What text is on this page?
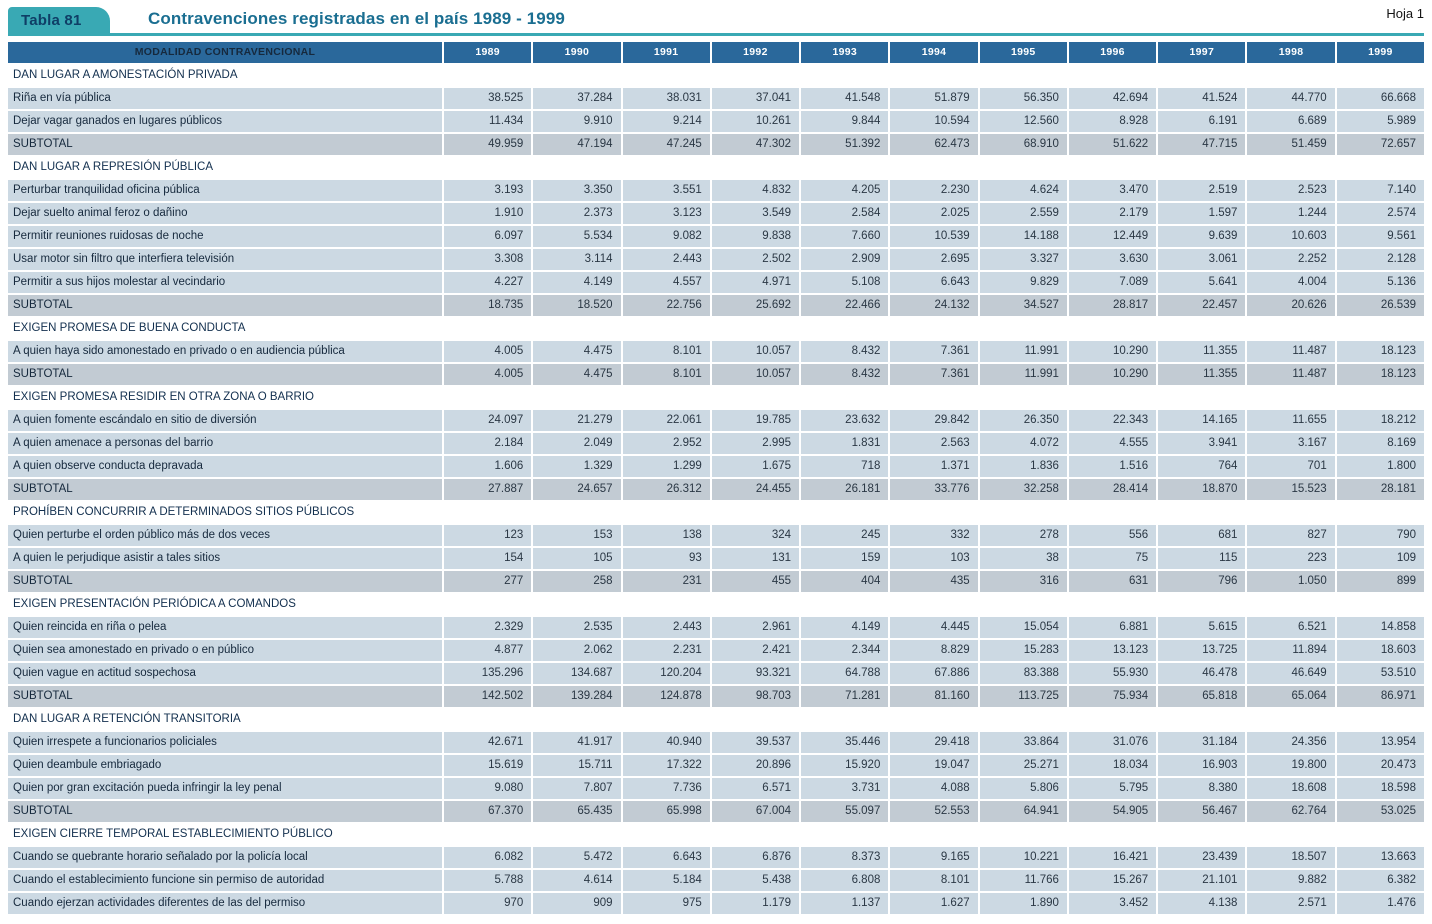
Tabla 81	Contravenciones registradas en el país 1989 - 1999	Hoja 1
MODALIDAD CONTRAVENCIONAL	1989	1990	1991	1992	1993	1994	1995	1996	1997	1998	1999
DAN LUGAR A AMONESTACIÓN PRIVADA
Riña en vía pública	38.525	37.284	38.031	37.041	41.548	51.879	56.350	42.694	41.524	44.770	66.668
Dejar vagar ganados en lugares públicos	11.434	9.910	9.214	10.261	9.844	10.594	12.560	8.928	6.191	6.689	5.989
SUBTOTAL	49.959	47.194	47.245	47.302	51.392	62.473	68.910	51.622	47.715	51.459	72.657
DAN LUGAR A REPRESIÓN PÚBLICA
Perturbar tranquilidad oficina pública	3.193	3.350	3.551	4.832	4.205	2.230	4.624	3.470	2.519	2.523	7.140
Dejar suelto animal feroz o dañino	1.910	2.373	3.123	3.549	2.584	2.025	2.559	2.179	1.597	1.244	2.574
Permitir reuniones ruidosas de noche	6.097	5.534	9.082	9.838	7.660	10.539	14.188	12.449	9.639	10.603	9.561
Usar motor sin filtro que interfiera televisión	3.308	3.114	2.443	2.502	2.909	2.695	3.327	3.630	3.061	2.252	2.128
Permitir a sus hijos molestar al vecindario	4.227	4.149	4.557	4.971	5.108	6.643	9.829	7.089	5.641	4.004	5.136
SUBTOTAL	18.735	18.520	22.756	25.692	22.466	24.132	34.527	28.817	22.457	20.626	26.539
EXIGEN PROMESA DE BUENA CONDUCTA
A quien haya sido amonestado en privado o en audiencia pública	4.005	4.475	8.101	10.057	8.432	7.361	11.991	10.290	11.355	11.487	18.123
SUBTOTAL	4.005	4.475	8.101	10.057	8.432	7.361	11.991	10.290	11.355	11.487	18.123
EXIGEN PROMESA RESIDIR EN OTRA ZONA O BARRIO
A quien fomente escándalo en sitio de diversión	24.097	21.279	22.061	19.785	23.632	29.842	26.350	22.343	14.165	11.655	18.212
A quien amenace a personas del barrio	2.184	2.049	2.952	2.995	1.831	2.563	4.072	4.555	3.941	3.167	8.169
A quien observe conducta depravada	1.606	1.329	1.299	1.675	718	1.371	1.836	1.516	764	701	1.800
SUBTOTAL	27.887	24.657	26.312	24.455	26.181	33.776	32.258	28.414	18.870	15.523	28.181
PROHÍBEN CONCURRIR A DETERMINADOS SITIOS PÚBLICOS
Quien perturbe el orden público más de dos veces	123	153	138	324	245	332	278	556	681	827	790
A quien le perjudique asistir a tales sitios	154	105	93	131	159	103	38	75	115	223	109
SUBTOTAL	277	258	231	455	404	435	316	631	796	1.050	899
EXIGEN PRESENTACIÓN PERIÓDICA A COMANDOS
Quien reincida en riña o pelea	2.329	2.535	2.443	2.961	4.149	4.445	15.054	6.881	5.615	6.521	14.858
Quien sea amonestado en privado o en público	4.877	2.062	2.231	2.421	2.344	8.829	15.283	13.123	13.725	11.894	18.603
Quien vague en actitud sospechosa	135.296	134.687	120.204	93.321	64.788	67.886	83.388	55.930	46.478	46.649	53.510
SUBTOTAL	142.502	139.284	124.878	98.703	71.281	81.160	113.725	75.934	65.818	65.064	86.971
DAN LUGAR A RETENCIÓN TRANSITORIA
Quien irrespete a funcionarios policiales	42.671	41.917	40.940	39.537	35.446	29.418	33.864	31.076	31.184	24.356	13.954
Quien deambule embriagado	15.619	15.711	17.322	20.896	15.920	19.047	25.271	18.034	16.903	19.800	20.473
Quien por gran excitación pueda infringir la ley penal	9.080	7.807	7.736	6.571	3.731	4.088	5.806	5.795	8.380	18.608	18.598
SUBTOTAL	67.370	65.435	65.998	67.004	55.097	52.553	64.941	54.905	56.467	62.764	53.025
EXIGEN CIERRE TEMPORAL ESTABLECIMIENTO PÚBLICO
Cuando se quebrante horario señalado por la policía local	6.082	5.472	6.643	6.876	8.373	9.165	10.221	16.421	23.439	18.507	13.663
Cuando el establecimiento funcione sin permiso de autoridad	5.788	4.614	5.184	5.438	6.808	8.101	11.766	15.267	21.101	9.882	6.382
Cuando ejerzan actividades diferentes de las del permiso	970	909	975	1.179	1.137	1.627	1.890	3.452	4.138	2.571	1.476
